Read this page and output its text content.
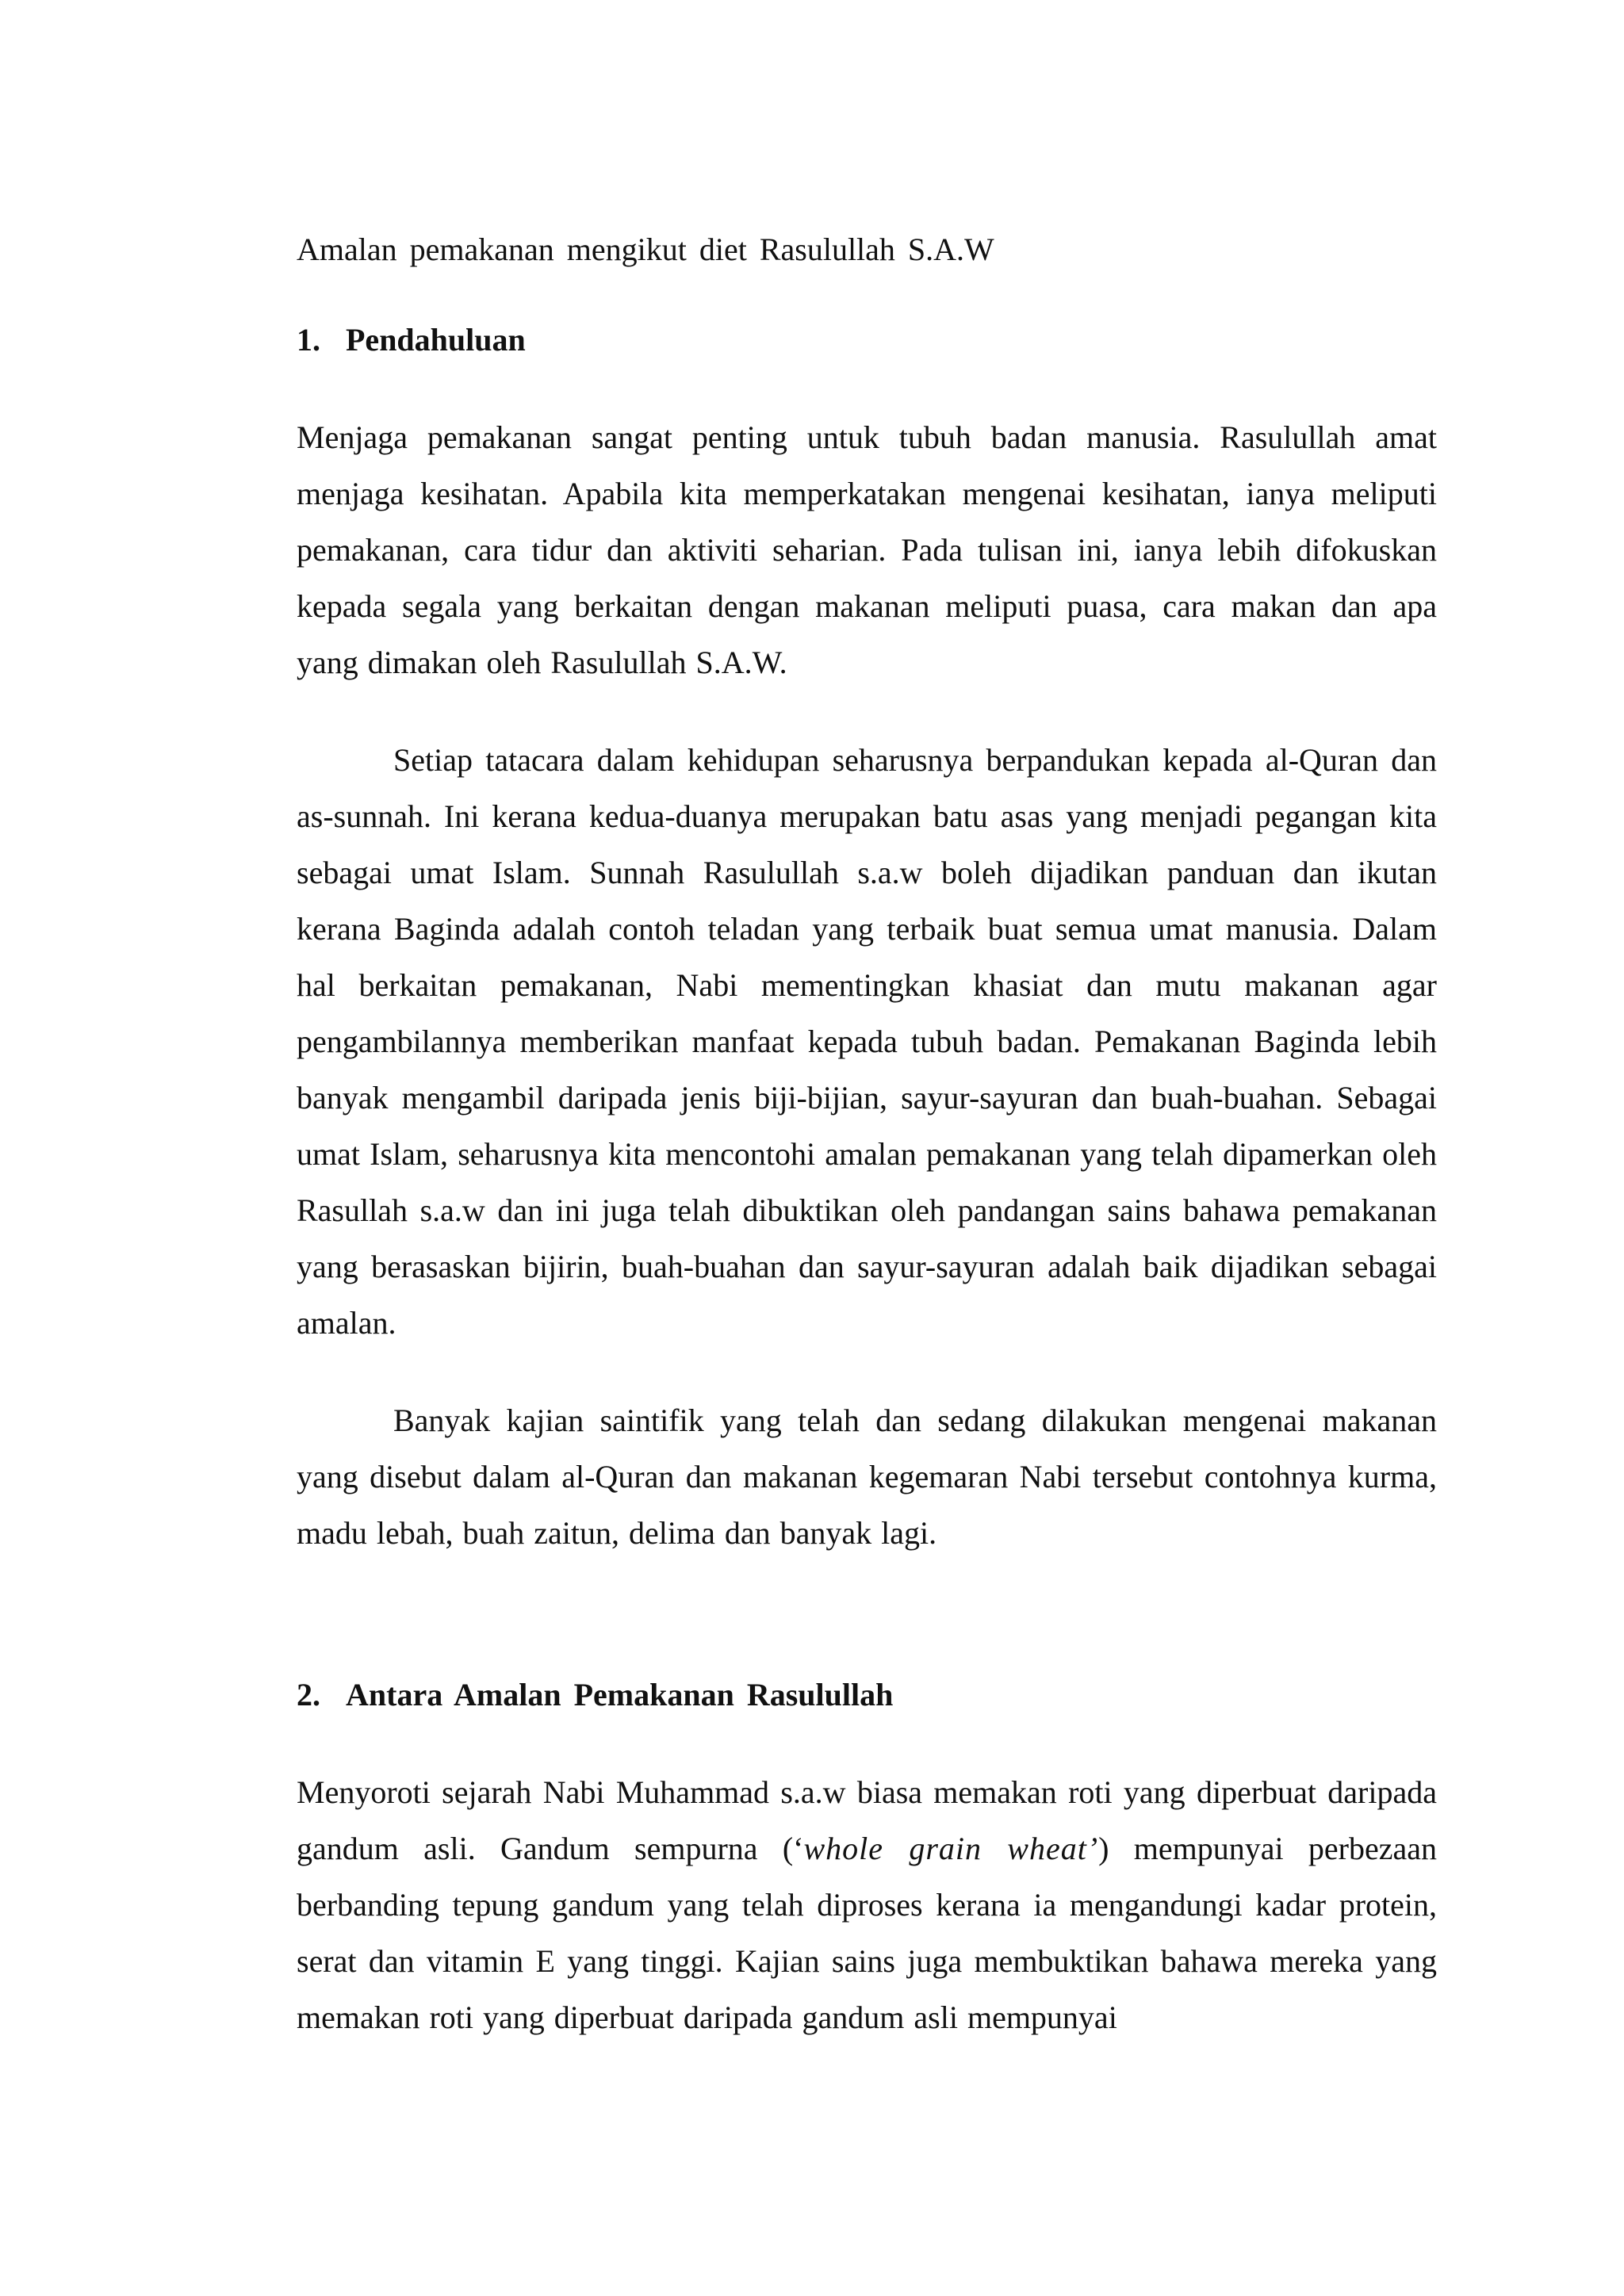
Amalan pemakanan mengikut diet Rasulullah S.A.W

1. Pendahuluan

Menjaga pemakanan sangat penting untuk tubuh badan manusia. Rasulullah amat menjaga kesihatan. Apabila kita memperkatakan mengenai kesihatan, ianya meliputi pemakanan, cara tidur dan aktiviti seharian. Pada tulisan ini, ianya lebih difokuskan kepada segala yang berkaitan dengan makanan meliputi puasa, cara makan dan apa yang dimakan oleh Rasulullah S.A.W.

Setiap tatacara dalam kehidupan seharusnya berpandukan kepada al-Quran dan as-sunnah. Ini kerana kedua-duanya merupakan batu asas yang menjadi pegangan kita sebagai umat Islam. Sunnah Rasulullah s.a.w boleh dijadikan panduan dan ikutan kerana Baginda adalah contoh teladan yang terbaik buat semua umat manusia. Dalam hal berkaitan pemakanan, Nabi mementingkan khasiat dan mutu makanan agar pengambilannya memberikan manfaat kepada tubuh badan. Pemakanan Baginda lebih banyak mengambil daripada jenis biji-bijian, sayur-sayuran dan buah-buahan. Sebagai umat Islam, seharusnya kita mencontohi amalan pemakanan yang telah dipamerkan oleh Rasullah s.a.w dan ini juga telah dibuktikan oleh pandangan sains bahawa pemakanan yang berasaskan bijirin, buah-buahan dan sayur-sayuran adalah baik dijadikan sebagai amalan.

Banyak kajian saintifik yang telah dan sedang dilakukan mengenai makanan yang disebut dalam al-Quran dan makanan kegemaran Nabi tersebut contohnya kurma, madu lebah, buah zaitun, delima dan banyak lagi.

2. Antara Amalan Pemakanan Rasulullah

Menyoroti sejarah Nabi Muhammad s.a.w biasa memakan roti yang diperbuat daripada gandum asli. Gandum sempurna (‘whole grain wheat’) mempunyai perbezaan berbanding tepung gandum yang telah diproses kerana ia mengandungi kadar protein, serat dan vitamin E yang tinggi. Kajian sains juga membuktikan bahawa mereka yang memakan roti yang diperbuat daripada gandum asli mempunyai
